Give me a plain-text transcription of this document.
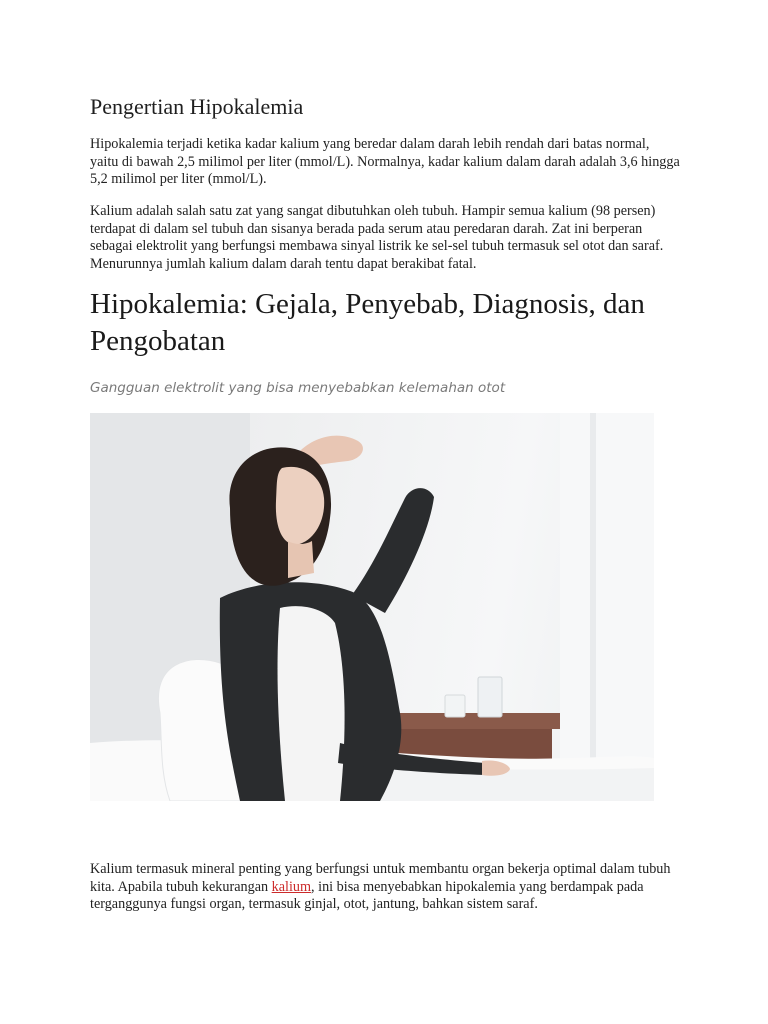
Pengertian Hipokalemia

Hipokalemia terjadi ketika kadar kalium yang beredar dalam darah lebih rendah dari batas normal, yaitu di bawah 2,5 milimol per liter (mmol/L). Normalnya, kadar kalium dalam darah adalah 3,6 hingga 5,2 milimol per liter (mmol/L).

Kalium adalah salah satu zat yang sangat dibutuhkan oleh tubuh. Hampir semua kalium (98 persen) terdapat di dalam sel tubuh dan sisanya berada pada serum atau peredaran darah. Zat ini berperan sebagai elektrolit yang berfungsi membawa sinyal listrik ke sel-sel tubuh termasuk sel otot dan saraf. Menurunnya jumlah kalium dalam darah tentu dapat berakibat fatal.

Hipokalemia: Gejala, Penyebab, Diagnosis, dan Pengobatan

Gangguan elektrolit yang bisa menyebabkan kelemahan otot

Kalium termasuk mineral penting yang berfungsi untuk membantu organ bekerja optimal dalam tubuh kita. Apabila tubuh kekurangan kalium, ini bisa menyebabkan hipokalemia yang berdampak pada terganggunya fungsi organ, termasuk ginjal, otot, jantung, bahkan sistem saraf.
